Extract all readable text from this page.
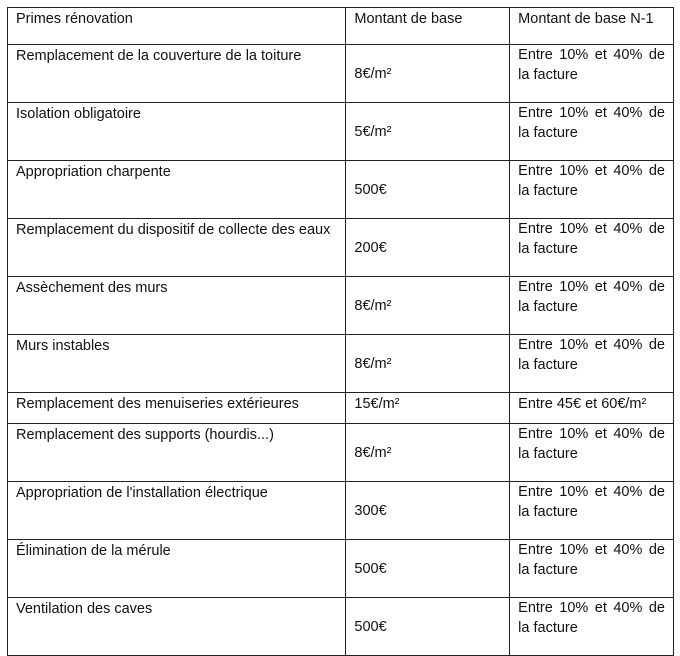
Primes rénovation	Montant de base	Montant de base N-1
Remplacement de la couverture de la toiture	8€/m²	Entre 10% et 40% de la facture
Isolation obligatoire	5€/m²	Entre 10% et 40% de la facture
Appropriation charpente	500€	Entre 10% et 40% de la facture
Remplacement du dispositif de collecte des eaux	200€	Entre 10% et 40% de la facture
Assèchement des murs	8€/m²	Entre 10% et 40% de la facture
Murs instables	8€/m²	Entre 10% et 40% de la facture
Remplacement des menuiseries extérieures	15€/m²	Entre 45€ et 60€/m²
Remplacement des supports (hourdis...)	8€/m²	Entre 10% et 40% de la facture
Appropriation de l'installation électrique	300€	Entre 10% et 40% de la facture
Élimination de la mérule	500€	Entre 10% et 40% de la facture
Ventilation des caves	500€	Entre 10% et 40% de la facture
